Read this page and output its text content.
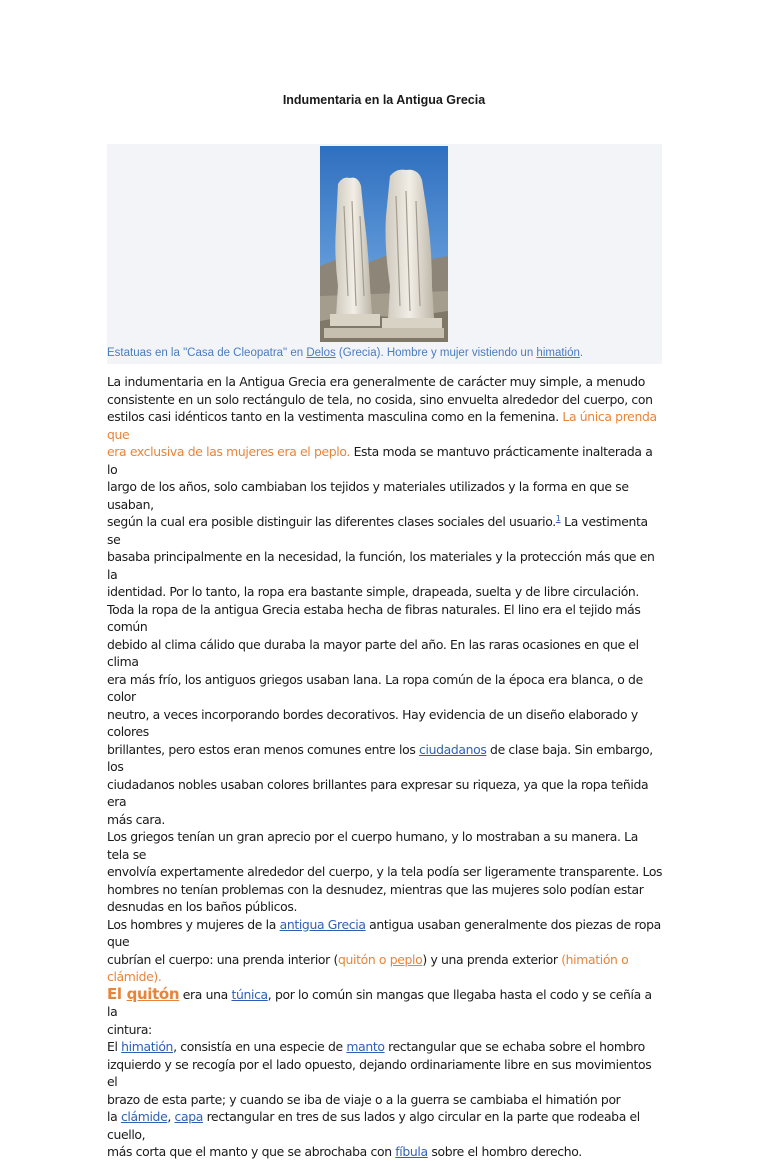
Indumentaria en la Antigua Grecia
Estatuas en la "Casa de Cleopatra" en Delos (Grecia). Hombre y mujer vistiendo un himatión.

La indumentaria en la Antigua Grecia era generalmente de carácter muy simple, a menudo
consistente en un solo rectángulo de tela, no cosida, sino envuelta alrededor del cuerpo, con
estilos casi idénticos tanto en la vestimenta masculina como en la femenina. La única prenda que
era exclusiva de las mujeres era el peplo. Esta moda se mantuvo prácticamente inalterada a lo
largo de los años, solo cambiaban los tejidos y materiales utilizados y la forma en que se usaban,
según la cual era posible distinguir las diferentes clases sociales del usuario.$^1$ La vestimenta se
basaba principalmente en la necesidad, la función, los materiales y la protección más que en la
identidad. Por lo tanto, la ropa era bastante simple, drapeada, suelta y de libre circulación.

Toda la ropa de la antigua Grecia estaba hecha de fibras naturales. El lino era el tejido más común
debido al clima cálido que duraba la mayor parte del año. En las raras ocasiones en que el clima
era más frío, los antiguos griegos usaban lana. La ropa común de la época era blanca, o de color
neutro, a veces incorporando bordes decorativos. Hay evidencia de un diseño elaborado y colores
brillantes, pero estos eran menos comunes entre los ciudadanos de clase baja. Sin embargo, los
ciudadanos nobles usaban colores brillantes para expresar su riqueza, ya que la ropa teñida era
más cara.

Los griegos tenían un gran aprecio por el cuerpo humano, y lo mostraban a su manera. La tela se
envolvía expertamente alrededor del cuerpo, y la tela podía ser ligeramente transparente. Los
hombres no tenían problemas con la desnudez, mientras que las mujeres solo podían estar
desnudas en los baños públicos.

Los hombres y mujeres de la antigua Grecia antigua usaban generalmente dos piezas de ropa que
cubrían el cuerpo: una prenda interior (quitón o peplo) y una prenda exterior (himatión o
clámide).

El quitón era una túnica, por lo común sin mangas que llegaba hasta el codo y se ceñía a la
cintura:

El himatión, consistía en una especie de manto rectangular que se echaba sobre el hombro
izquierdo y se recogía por el lado opuesto, dejando ordinariamente libre en sus movimientos el
brazo de esta parte; y cuando se iba de viaje o a la guerra se cambiaba el himatión por
la clámide, capa rectangular en tres de sus lados y algo circular en la parte que rodeaba el cuello,
más corta que el manto y que se abrochaba con fíbula sobre el hombro derecho.
